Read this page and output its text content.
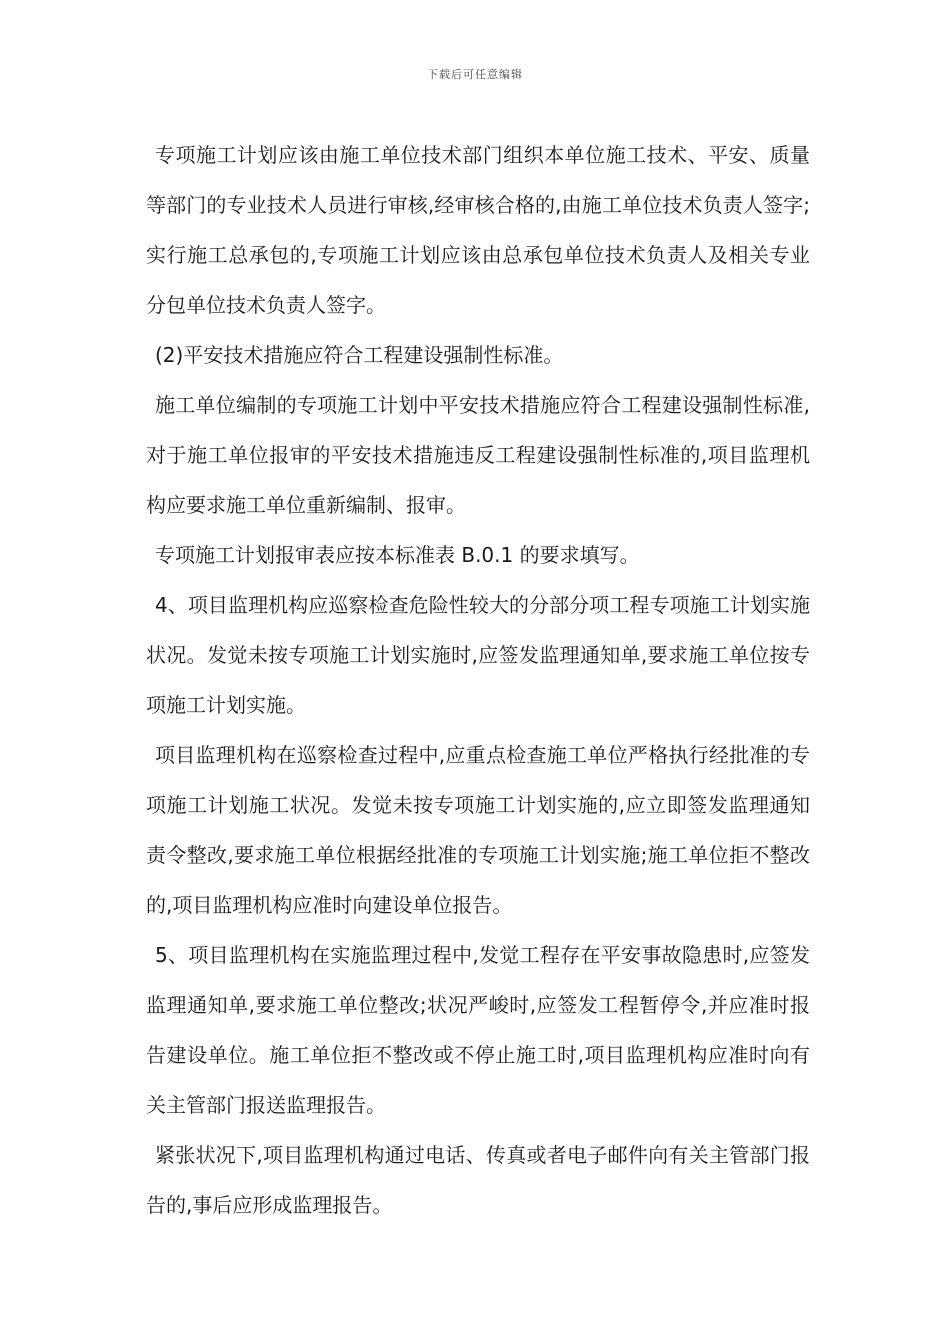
下载后可任意编辑

专项施工计划应该由施工单位技术部门组织本单位施工技术、平安、质量等部门的专业技术人员进行审核,经审核合格的,由施工单位技术负责人签字;实行施工总承包的,专项施工计划应该由总承包单位技术负责人及相关专业分包单位技术负责人签字。

(2)平安技术措施应符合工程建设强制性标准。

施工单位编制的专项施工计划中平安技术措施应符合工程建设强制性标准,对于施工单位报审的平安技术措施违反工程建设强制性标准的,项目监理机构应要求施工单位重新编制、报审。

专项施工计划报审表应按本标准表 B.0.1 的要求填写。

4、项目监理机构应巡察检查危险性较大的分部分项工程专项施工计划实施状况。发觉未按专项施工计划实施时,应签发监理通知单,要求施工单位按专项施工计划实施。

项目监理机构在巡察检查过程中,应重点检查施工单位严格执行经批准的专项施工计划施工状况。发觉未按专项施工计划实施的,应立即签发监理通知责令整改,要求施工单位根据经批准的专项施工计划实施;施工单位拒不整改的,项目监理机构应准时向建设单位报告。

5、项目监理机构在实施监理过程中,发觉工程存在平安事故隐患时,应签发监理通知单,要求施工单位整改;状况严峻时,应签发工程暂停令,并应准时报告建设单位。施工单位拒不整改或不停止施工时,项目监理机构应准时向有关主管部门报送监理报告。

紧张状况下,项目监理机构通过电话、传真或者电子邮件向有关主管部门报告的,事后应形成监理报告。
